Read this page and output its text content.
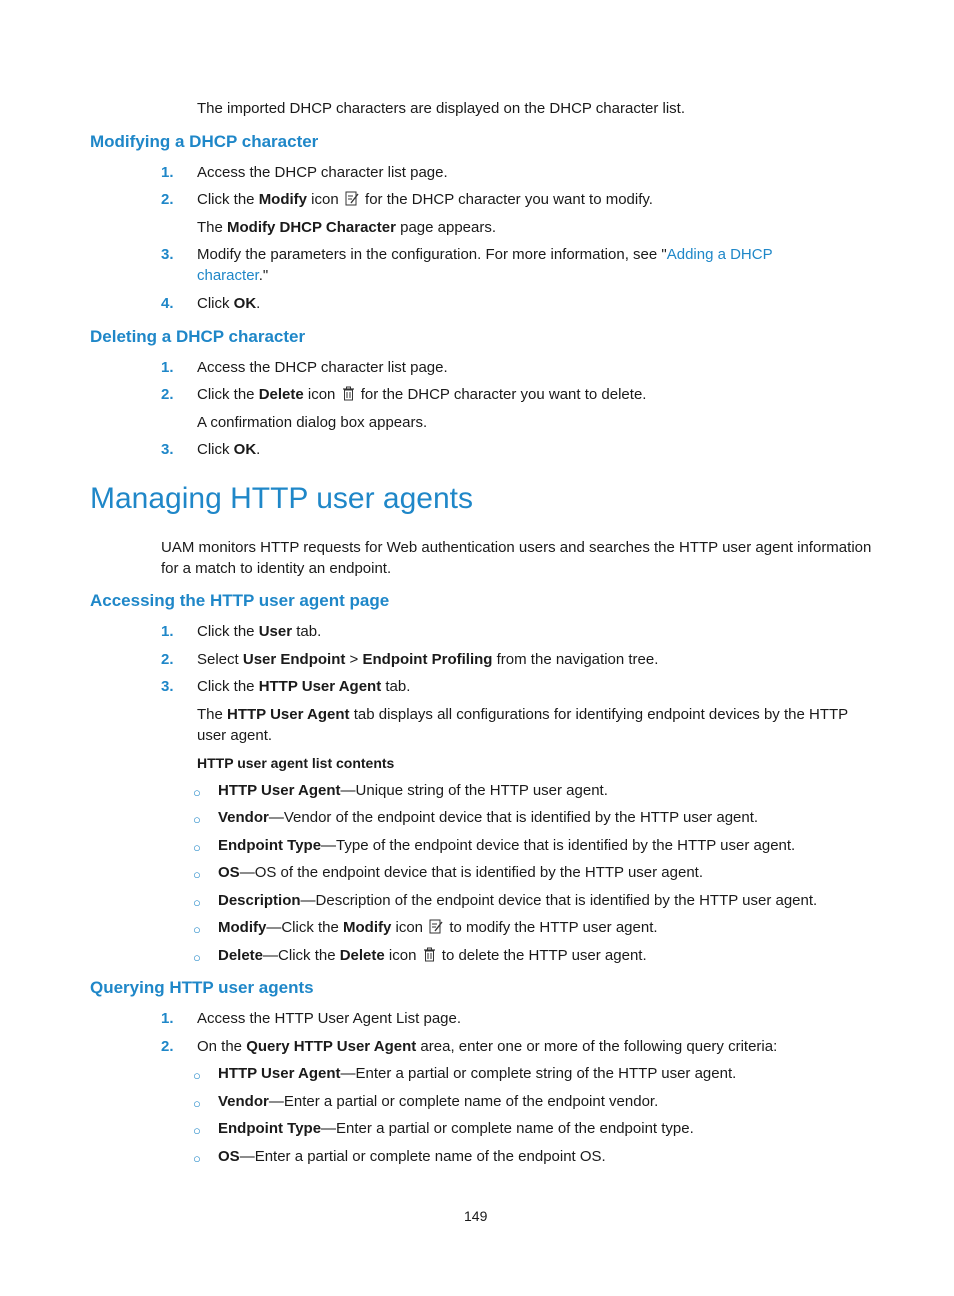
The imported DHCP characters are displayed on the DHCP character list.
Modifying a DHCP character
1.	Access the DHCP character list page.
2.	Click the Modify icon  for the DHCP character you want to modify.
The Modify DHCP Character page appears.
3.	Modify the parameters in the configuration. For more information, see "Adding a DHCP
character."
4.	Click OK.
Deleting a DHCP character
1.	Access the DHCP character list page.
2.	Click the Delete icon  for the DHCP character you want to delete.
A confirmation dialog box appears.
3.	Click OK.
Managing HTTP user agents
UAM monitors HTTP requests for Web authentication users and searches the HTTP user agent information
for a match to identity an endpoint.
Accessing the HTTP user agent page
1.	Click the User tab.
2.	Select User Endpoint > Endpoint Profiling from the navigation tree.
3.	Click the HTTP User Agent tab.
The HTTP User Agent tab displays all configurations for identifying endpoint devices by the HTTP
user agent.
HTTP user agent list contents
○ HTTP User Agent—Unique string of the HTTP user agent.
○ Vendor—Vendor of the endpoint device that is identified by the HTTP user agent.
○ Endpoint Type—Type of the endpoint device that is identified by the HTTP user agent.
○ OS—OS of the endpoint device that is identified by the HTTP user agent.
○ Description—Description of the endpoint device that is identified by the HTTP user agent.
○ Modify—Click the Modify icon  to modify the HTTP user agent.
○ Delete—Click the Delete icon  to delete the HTTP user agent.
Querying HTTP user agents
1.	Access the HTTP User Agent List page.
2.	On the Query HTTP User Agent area, enter one or more of the following query criteria:
○ HTTP User Agent—Enter a partial or complete string of the HTTP user agent.
○ Vendor—Enter a partial or complete name of the endpoint vendor.
○ Endpoint Type—Enter a partial or complete name of the endpoint type.
○ OS—Enter a partial or complete name of the endpoint OS.
149
